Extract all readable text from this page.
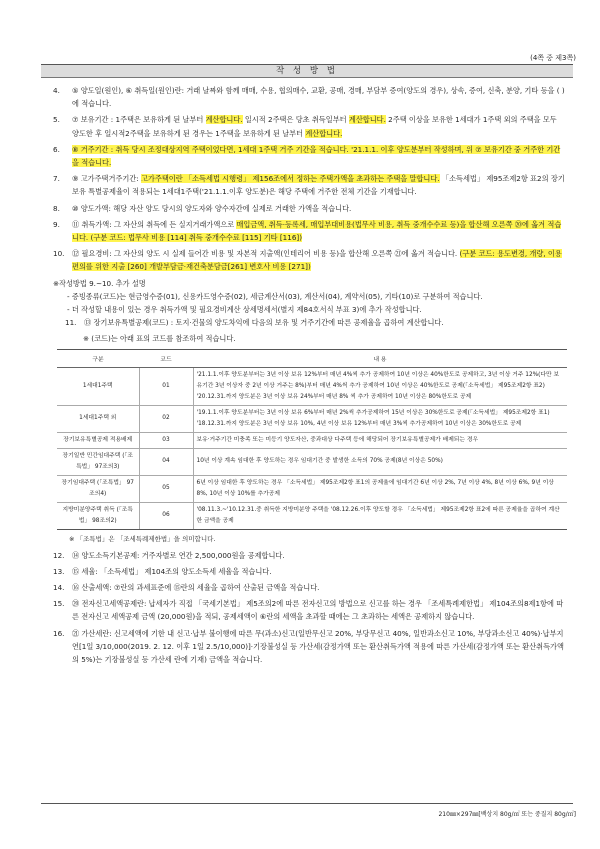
(4쪽 중 제3쪽)
작 성 방 법
4.	⑤ 양도일(원인), ⑥ 취득일(원인)란: 거래 날짜와 함께 매매, 수용, 협의매수, 교환, 공매, 경매, 부담부 증여(양도의 경우), 상속, 증여, 신축, 분양, 기타 등을 ( )에 적습니다.
5.	⑦ 보유기간 : 1주택은 보유하게 된 날부터 계산합니다. 일시적 2주택은 당초 취득일부터 계산합니다. 2주택 이상을 보유한 1세대가 1주택 외의 주택을 모두 양도한 후 일시적2주택을 보유하게 된 경우는 1주택을 보유하게 된 날부터 계산합니다.
6.	⑧ 거주기간 : 취득 당시 조정대상지역 주택이었다면, 1세대 1주택 거주 기간을 적습니다. '21.1.1. 이후 양도분부터 작성하며, 위 ⑦ 보유기간 중 거주한 기간을 적습니다.
7.	⑨ 고가주택거주기간: 고가주택이란 「소득세법 시행령」 제156조에서 정하는 주택가액을 초과하는 주택을 말합니다. 「소득세법」 제95조제2항 표2의 장기보유 특별공제율이 적용되는 1세대1주택('21.1.1.이후 양도분)은 해당 주택에 거주한 전체 기간을 기재합니다.
8.	⑩ 양도가액: 해당 자산 양도 당시의 양도자와 양수자간에 실제로 거래한 가액을 적습니다.
9.	⑪ 취득가액: 그 자산의 취득에 든 실지거래가액으로 매입금액, 취득·등록세, 매입부대비용(법무사 비용, 취득 중개수수료 등)을 합산해 오른쪽 ⑳에 옮겨 적습니다. (구분 코드: 법무사 비용 [114] 취득 중개수수료 [115] 기타 [116])
10.	⑫ 필요경비: 그 자산의 양도 시 실제 들어간 비용 및 자본적 지출액(인테리어 비용 등)을 합산해 오른쪽 ㉑에 옮겨 적습니다. (구분 코드: 용도변경, 개량, 이용편의를 위한 지출 [260] 개발부담금·재건축분담금[261] 변호사 비용 [271])
※작성방법 9.~10. 추가 설명
- 증빙종류(코드)는 현금영수증(01), 신용카드영수증(02), 세금계산서(03), 계산서(04), 계약서(05), 기타(10)로 구분하여 적습니다.
- 더 작성할 내용이 있는 경우 취득가액 및 필요경비계산 상세명세서(별지 제84호서식 부표 3)에 추가 작성합니다.
11.	⑬ 장기보유특별공제(코드) : 토지·건물의 양도차익에 다음의 보유 및 거주기간에 따른 공제율을 곱하여 계산합니다.
※ (코드)는 아래 표의 코드를 참조하여 적습니다.
구분	코드	내 용
1세대1주택	01	'21.1.1.이후 양도분부터는 3년 이상 보유 12%부터 매년 4%씩 추가 공제하여 10년 이상은 40%한도로 공제하고, 3년 이상 거주 12%(다만 보유기간 3년 이상자 중 2년 이상 거주는 8%)부터 매년 4%씩 추가 공제하여 10년 이상은 40%한도로 공제(「소득세법」 제95조제2항 표2)
'20.12.31.까지 양도분은 3년 이상 보유 24%부터 매년 8% 씩 추가 공제하여 10년 이상은 80%한도로 공제
1세대1주택 외	02	'19.1.1.이후 양도분부터는 3년 이상 보유 6%부터 매년 2%씩 추가공제하여 15년 이상은 30%한도로 공제(「소득세법」 제95조제2항 표1)
'18.12.31.까지 양도분은 3년 이상 보유 10%, 4년 이상 보유 12%부터 매년 3%씩 추가공제하여 10년 이상은 30%한도로 공제
장기보유특별공제 적용배제	03	보유·거주기간 미충족 또는 미등기 양도자산, 중과대상 다주택 등에 해당되어 장기보유특별공제가 배제되는 경우
장기일반 민간임대주택 (「조특법」 97조의3)	04	10년 이상 계속 임대한 후 양도하는 경우 임대기간 중 발생한 소득의 70% 공제(8년 이상은 50%)
장기임대주택 (「조특법」 97조의4)	05	6년 이상 임대한 후 양도하는 경우 「소득세법」 제95조제2항 표1의 공제율에 임대기간 6년 이상 2%, 7년 이상 4%, 8년 이상 6%, 9년 이상 8%, 10년 이상 10%를 추가공제
지방미분양주택 취득 (「조특법」 98조의2)	06	'08.11.3.~'10.12.31.중 취득한 지방미분양 주택을 '08.12.26.이후 양도할 경우 「소득세법」 제95조제2항 표2에 따른 공제율을 곱하여 계산한 금액을 공제
※ 「조특법」은 「조세특례제한법」을 의미합니다.
12.	⑭ 양도소득기본공제: 거주자별로 연간 2,500,000원을 공제합니다.
13.	⑮ 세율: 「소득세법」 제104조의 양도소득세 세율을 적습니다.
14.	⑯ 산출세액: ⑦란의 과세표준에 ⑮란의 세율을 곱하여 산출된 금액을 적습니다.
15.	⑳ 전자신고세액공제란: 납세자가 직접 「국세기본법」 제5조의2에 따른 전자신고의 방법으로 신고를 하는 경우 「조세특례제한법」 제104조의8제1항에 따른 전자신고 세액공제 금액 (20,000원)을 적되, 공제세액이 ⑥란의 세액을 초과할 때에는 그 초과하는 세액은 공제하지 않습니다.
16.	㉑ 가산세란: 신고세액에 기한 내 신고·납부 불이행에 따른 무(과소)신고(일반무신고 20%, 부당무신고 40%, 일반과소신고 10%, 부당과소신고 40%)·납부지연[1일 3/10,000(2019. 2. 12. 이후 1일 2.5/10,000)]·기장불성실 등 가산세(감정가액 또는 환산취득가액 적용에 따른 가산세(감정가액 또는 환산취득가액의 5%)는 기장불성실 등 가산세 란에 기재) 금액을 적습니다.
210㎜×297㎜[백상지 80g/㎡ 또는 중질지 80g/㎡]
